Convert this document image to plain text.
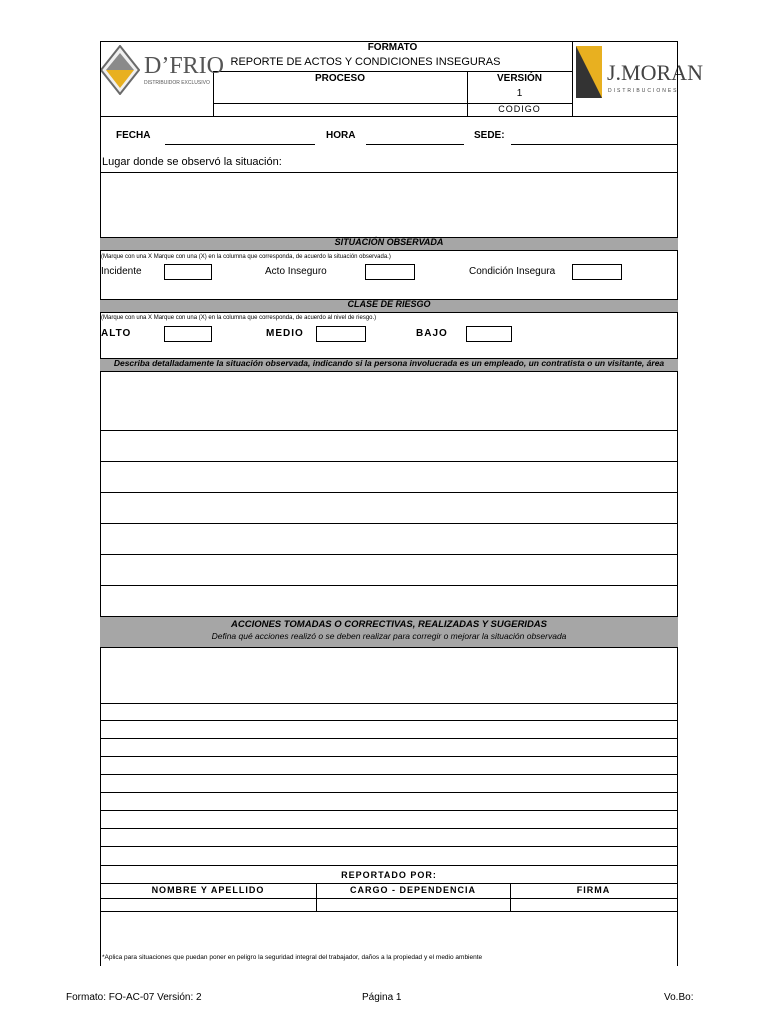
D’FRIO
DISTRIBUIDOR EXCLUSIVO
FORMATO
REPORTE DE ACTOS Y CONDICIONES INSEGURAS
PROCESO	VERSIÓN
1
CODIGO
J.MORAN
DISTRIBUCIONES
FECHA	HORA	SEDE:
Lugar donde se observó la situación:
SITUACIÓN OBSERVADA
(Marque con una X Marque con una (X) en la columna que corresponda, de acuerdo la situación observada.)
Incidente	Acto Inseguro	Condición Insegura
CLASE DE RIESGO
(Marque con una X Marque con una (X) en la columna que corresponda, de acuerdo al nivel de riesgo.)
ALTO	MEDIO	BAJO
Describa detalladamente la situación observada, indicando si la persona involucrada es un empleado, un contratista o un visitante, área
ACCIONES TOMADAS O CORRECTIVAS, REALIZADAS Y SUGERIDAS
Defina qué acciones realizó o se deben realizar para corregir o mejorar la situación observada
REPORTADO POR:
NOMBRE Y APELLIDO	CARGO - DEPENDENCIA	FIRMA
*Aplica para situaciones que puedan poner en peligro la seguridad integral del trabajador, daños a la propiedad y el medio ambiente
Formato: FO-AC-07 Versión: 2	Página 1	Vo.Bo:
